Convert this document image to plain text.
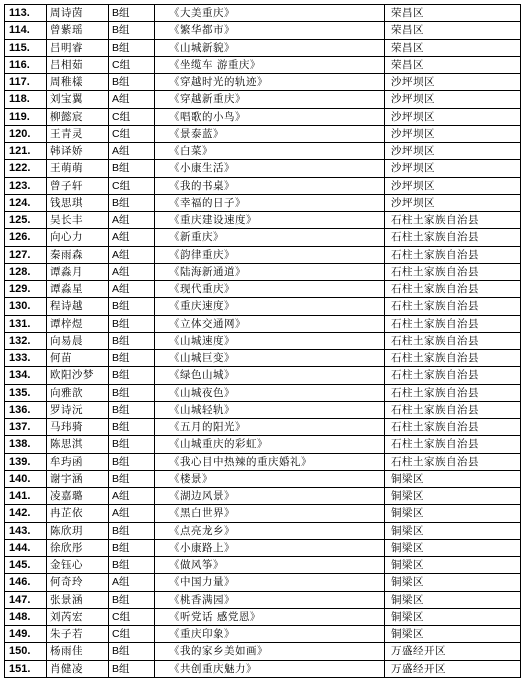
113.	周诗茵	B组	《大美重庆》	荣昌区
114.	曾紫瑶	B组	《繁华都市》	荣昌区
115.	吕明睿	B组	《山城新貌》	荣昌区
116.	吕相茹	C组	《坐缆车 游重庆》	荣昌区
117.	周稚樣	B组	《穿越时光的轨迹》	沙坪坝区
118.	刘宝翼	A组	《穿越新重庆》	沙坪坝区
119.	柳懿宸	C组	《唱歌的小鸟》	沙坪坝区
120.	王青灵	C组	《景泰蓝》	沙坪坝区
121.	韩译娇	A组	《白菜》	沙坪坝区
122.	王萌萌	B组	《小康生活》	沙坪坝区
123.	曾子轩	C组	《我的书桌》	沙坪坝区
124.	钱思琪	B组	《幸福的日子》	沙坪坝区
125.	吴长丰	A组	《重庆建设速度》	石柱土家族自治县
126.	向心力	A组	《新重庆》	石柱土家族自治县
127.	秦雨森	A组	《韵律重庆》	石柱土家族自治县
128.	谭淼月	A组	《陆海新通道》	石柱土家族自治县
129.	谭淼星	A组	《现代重庆》	石柱土家族自治县
130.	程诗越	B组	《重庆速度》	石柱土家族自治县
131.	谭梓煜	B组	《立体交通网》	石柱土家族自治县
132.	向易晨	B组	《山城速度》	石柱土家族自治县
133.	何苗	B组	《山城巨变》	石柱土家族自治县
134.	欧阳沙梦	B组	《绿色山城》	石柱土家族自治县
135.	向雅歆	B组	《山城夜色》	石柱土家族自治县
136.	罗诗沅	B组	《山城轻轨》	石柱土家族自治县
137.	马玮骑	B组	《五月的阳光》	石柱土家族自治县
138.	陈思淇	B组	《山城重庆的彩虹》	石柱土家族自治县
139.	牟玙函	B组	《我心目中热辣的重庆婚礼》	石柱土家族自治县
140.	谢宇涵	B组	《楼景》	铜梁区
141.	凌嘉璐	A组	《湖边风景》	铜梁区
142.	冉芷依	A组	《黑白世界》	铜梁区
143.	陈欣玥	B组	《点亮龙乡》	铜梁区
144.	徐欣彤	B组	《小康路上》	铜梁区
145.	金钰心	B组	《做风筝》	铜梁区
146.	何奇玲	A组	《中国力量》	铜梁区
147.	张景涵	B组	《桃香满园》	铜梁区
148.	刘芮宏	C组	《听党话 感党恩》	铜梁区
149.	朱子若	C组	《重庆印象》	铜梁区
150.	杨雨佳	B组	《我的家乡美如画》	万盛经开区
151.	肖健凌	B组	《共创重庆魅力》	万盛经开区
